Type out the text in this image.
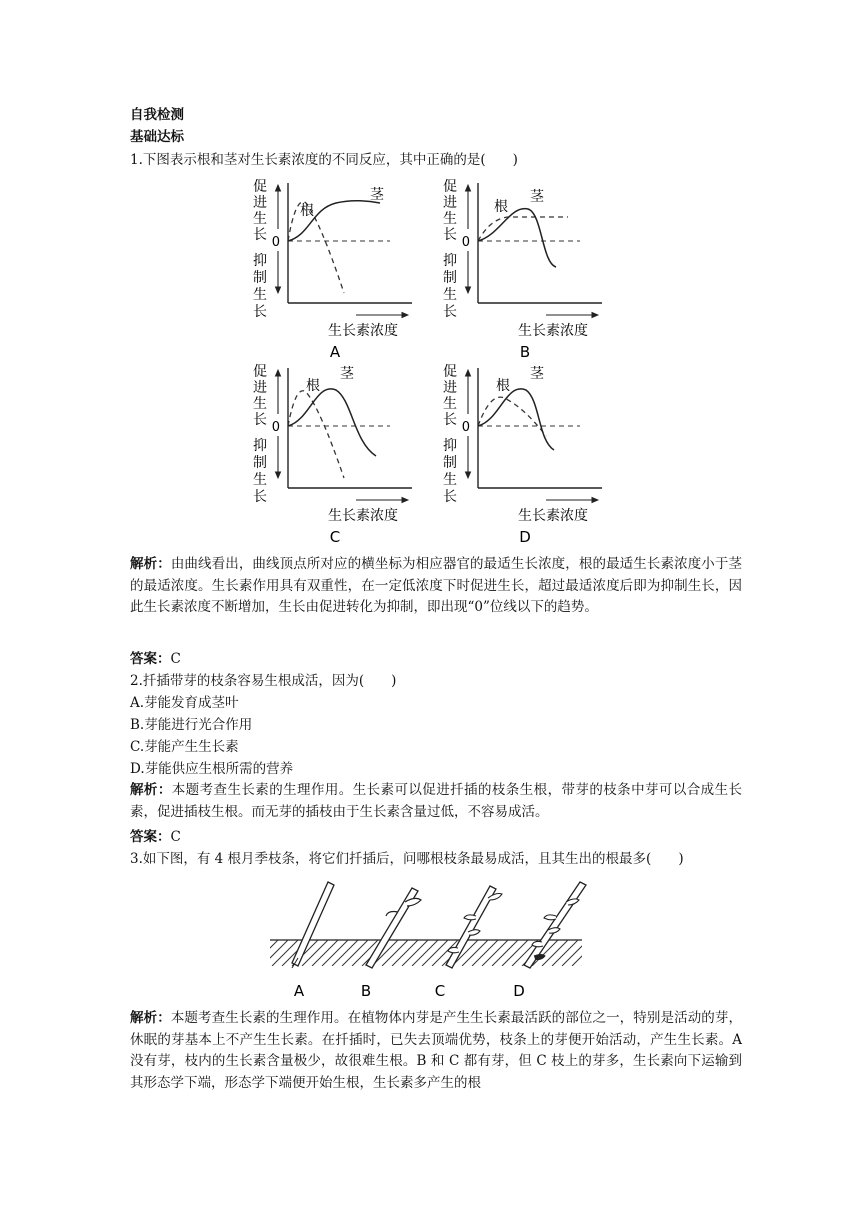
自我检测
基础达标
1.下图表示根和茎对生长素浓度的不同反应，其中正确的是(　　)
促
进
生
长
抑
制
生
长
0
根
茎
生长素浓度
A
促
进
生
长
抑
制
生
长
0
根
茎
生长素浓度
B
促
进
生
长
抑
制
生
长
0
根
茎
生长素浓度
C
促
进
生
长
抑
制
生
长
0
根
茎
生长素浓度
D
解析：由曲线看出，曲线顶点所对应的横坐标为相应器官的最适生长浓度，根的最适生长素浓度小于茎的最适浓度。生长素作用具有双重性，在一定低浓度下时促进生长，超过最适浓度后即为抑制生长，因此生长素浓度不断增加，生长由促进转化为抑制，即出现“0”位线以下的趋势。
答案：C
2.扦插带芽的枝条容易生根成活，因为(　　)
A.芽能发育成茎叶
B.芽能进行光合作用
C.芽能产生生长素
D.芽能供应生根所需的营养
解析：本题考查生长素的生理作用。生长素可以促进扦插的枝条生根，带芽的枝条中芽可以合成生长素，促进插枝生根。而无芽的插枝由于生长素含量过低，不容易成活。
答案：C
3.如下图，有 4 根月季枝条，将它们扦插后，问哪根枝条最易成活，且其生出的根最多(　　)
A	B	C	D
解析：本题考查生长素的生理作用。在植物体内芽是产生生长素最活跃的部位之一，特别是活动的芽，休眠的芽基本上不产生生长素。在扦插时，已失去顶端优势，枝条上的芽便开始活动，产生生长素。A 没有芽，枝内的生长素含量极少，故很难生根。B 和 C 都有芽，但 C 枝上的芽多，生长素向下运输到其形态学下端，形态学下端便开始生根，生长素多产生的根
